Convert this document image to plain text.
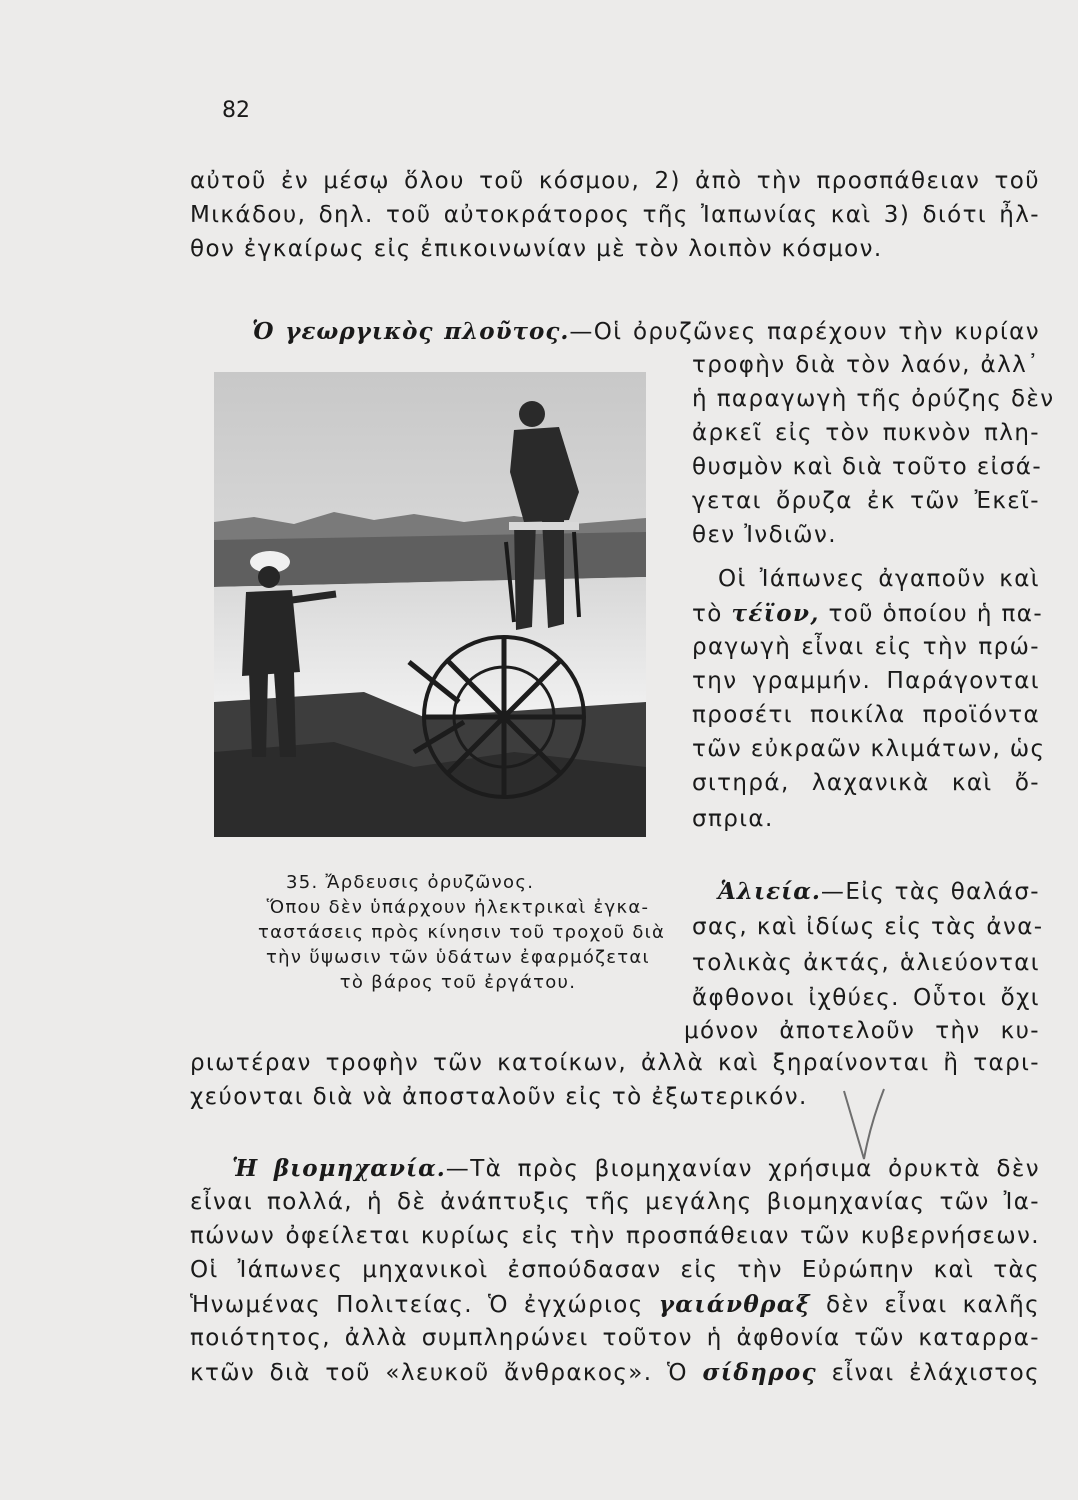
82
αὐτοῦ ἐν μέσῳ ὅλου τοῦ κόσμου, 2) ἀπὸ τὴν προσπάθειαν τοῦ
Μικάδου, δηλ. τοῦ αὐτοκράτορος τῆς Ἰαπωνίας καὶ 3) διότι ἦλ-
θον ἐγκαίρως εἰς ἐπικοινωνίαν μὲ τὸν λοιπὸν κόσμον.
Ὁ γεωργικὸς πλοῦτος.—Οἱ ὀρυζῶνες παρέχουν τὴν κυρίαν
τροφὴν διὰ τὸν λαόν, ἀλλ᾽
ἡ παραγωγὴ τῆς ὀρύζης δὲν
ἀρκεῖ εἰς τὸν πυκνὸν πλη-
θυσμὸν καὶ διὰ τοῦτο εἰσά-
γεται ὄρυζα ἐκ τῶν Ἐκεῖ-
θεν Ἰνδιῶν.
Οἱ Ἰάπωνες ἀγαποῦν καὶ
τὸ τέϊον, τοῦ ὁποίου ἡ πα-
ραγωγὴ εἶναι εἰς τὴν πρώ-
την γραμμήν. Παράγονται
προσέτι ποικίλα προϊόντα
τῶν εὐκραῶν κλιμάτων, ὡς
σιτηρά, λαχανικὰ καὶ ὄ-
σπρια.
35. Ἄρδευσις ὀρυζῶνος.
Ὅπου δὲν ὑπάρχουν ἠλεκτρικαὶ ἐγκα-
ταστάσεις πρὸς κίνησιν τοῦ τροχοῦ διὰ
τὴν ὕψωσιν τῶν ὑδάτων ἐφαρμόζεται
τὸ βάρος τοῦ ἐργάτου.
Ἁλιεία.—Εἰς τὰς θαλάσ-
σας, καὶ ἰδίως εἰς τὰς ἀνα-
τολικὰς ἀκτάς, ἁλιεύονται
ἄφθονοι ἰχθύες. Οὗτοι ὄχι
μόνον ἀποτελοῦν τὴν κυ-
ριωτέραν τροφὴν τῶν κατοίκων, ἀλλὰ καὶ ξηραίνονται ἢ ταρι-
χεύονται διὰ νὰ ἀποσταλοῦν εἰς τὸ ἐξωτερικόν.
Ἡ βιομηχανία.—Τὰ πρὸς βιομηχανίαν χρήσιμα ὀρυκτὰ δὲν
εἶναι πολλά, ἡ δὲ ἀνάπτυξις τῆς μεγάλης βιομηχανίας τῶν Ἰα-
πώνων ὀφείλεται κυρίως εἰς τὴν προσπάθειαν τῶν κυβερνήσεων.
Οἱ Ἰάπωνες μηχανικοὶ ἐσπούδασαν εἰς τὴν Εὐρώπην καὶ τὰς
Ἡνωμένας Πολιτείας. Ὁ ἐγχώριος γαιάνθραξ δὲν εἶναι καλῆς
ποιότητος, ἀλλὰ συμπληρώνει τοῦτον ἡ ἀφθονία τῶν καταρρα-
κτῶν διὰ τοῦ «λευκοῦ ἄνθρακος». Ὁ σίδηρος εἶναι ἐλάχιστος
